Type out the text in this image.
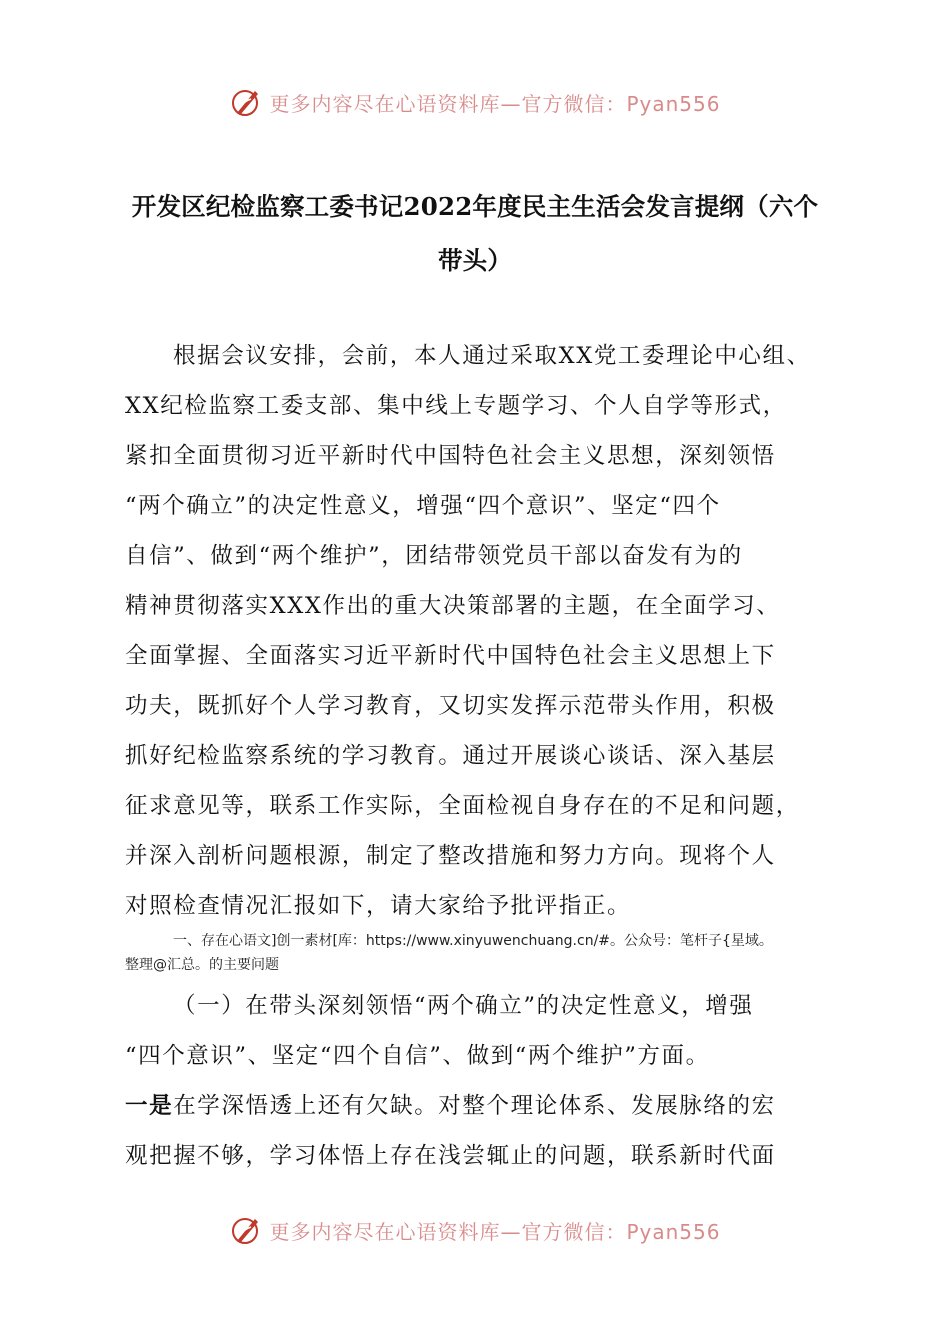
更多内容尽在心语资料库—官方微信：Pyan556
开发区纪检监察工委书记2022年度民主生活会发言提纲（六个
带头）
根据会议安排，会前，本人通过采取XX党工委理论中心组、
XX纪检监察工委支部、集中线上专题学习、个人自学等形式，
紧扣全面贯彻习近平新时代中国特色社会主义思想，深刻领悟
“两个确立”的决定性意义，增强“四个意识”、坚定“四个
自信”、做到“两个维护”，团结带领党员干部以奋发有为的
精神贯彻落实XXX作出的重大决策部署的主题，在全面学习、
全面掌握、全面落实习近平新时代中国特色社会主义思想上下
功夫，既抓好个人学习教育，又切实发挥示范带头作用，积极
抓好纪检监察系统的学习教育。通过开展谈心谈话、深入基层
征求意见等，联系工作实际，全面检视自身存在的不足和问题，
并深入剖析问题根源，制定了整改措施和努力方向。现将个人
对照检查情况汇报如下，请大家给予批评指正。
一、存在心语文]创一素材[库：https://www.xinyuwenchuang.cn/#。公众号：笔杆子{星域。
整理@汇总。的主要问题
（一）在带头深刻领悟“两个确立”的决定性意义，增强
“四个意识”、坚定“四个自信”、做到“两个维护”方面。
一是在学深悟透上还有欠缺。对整个理论体系、发展脉络的宏
观把握不够，学习体悟上存在浅尝辄止的问题，联系新时代面
更多内容尽在心语资料库—官方微信：Pyan556
